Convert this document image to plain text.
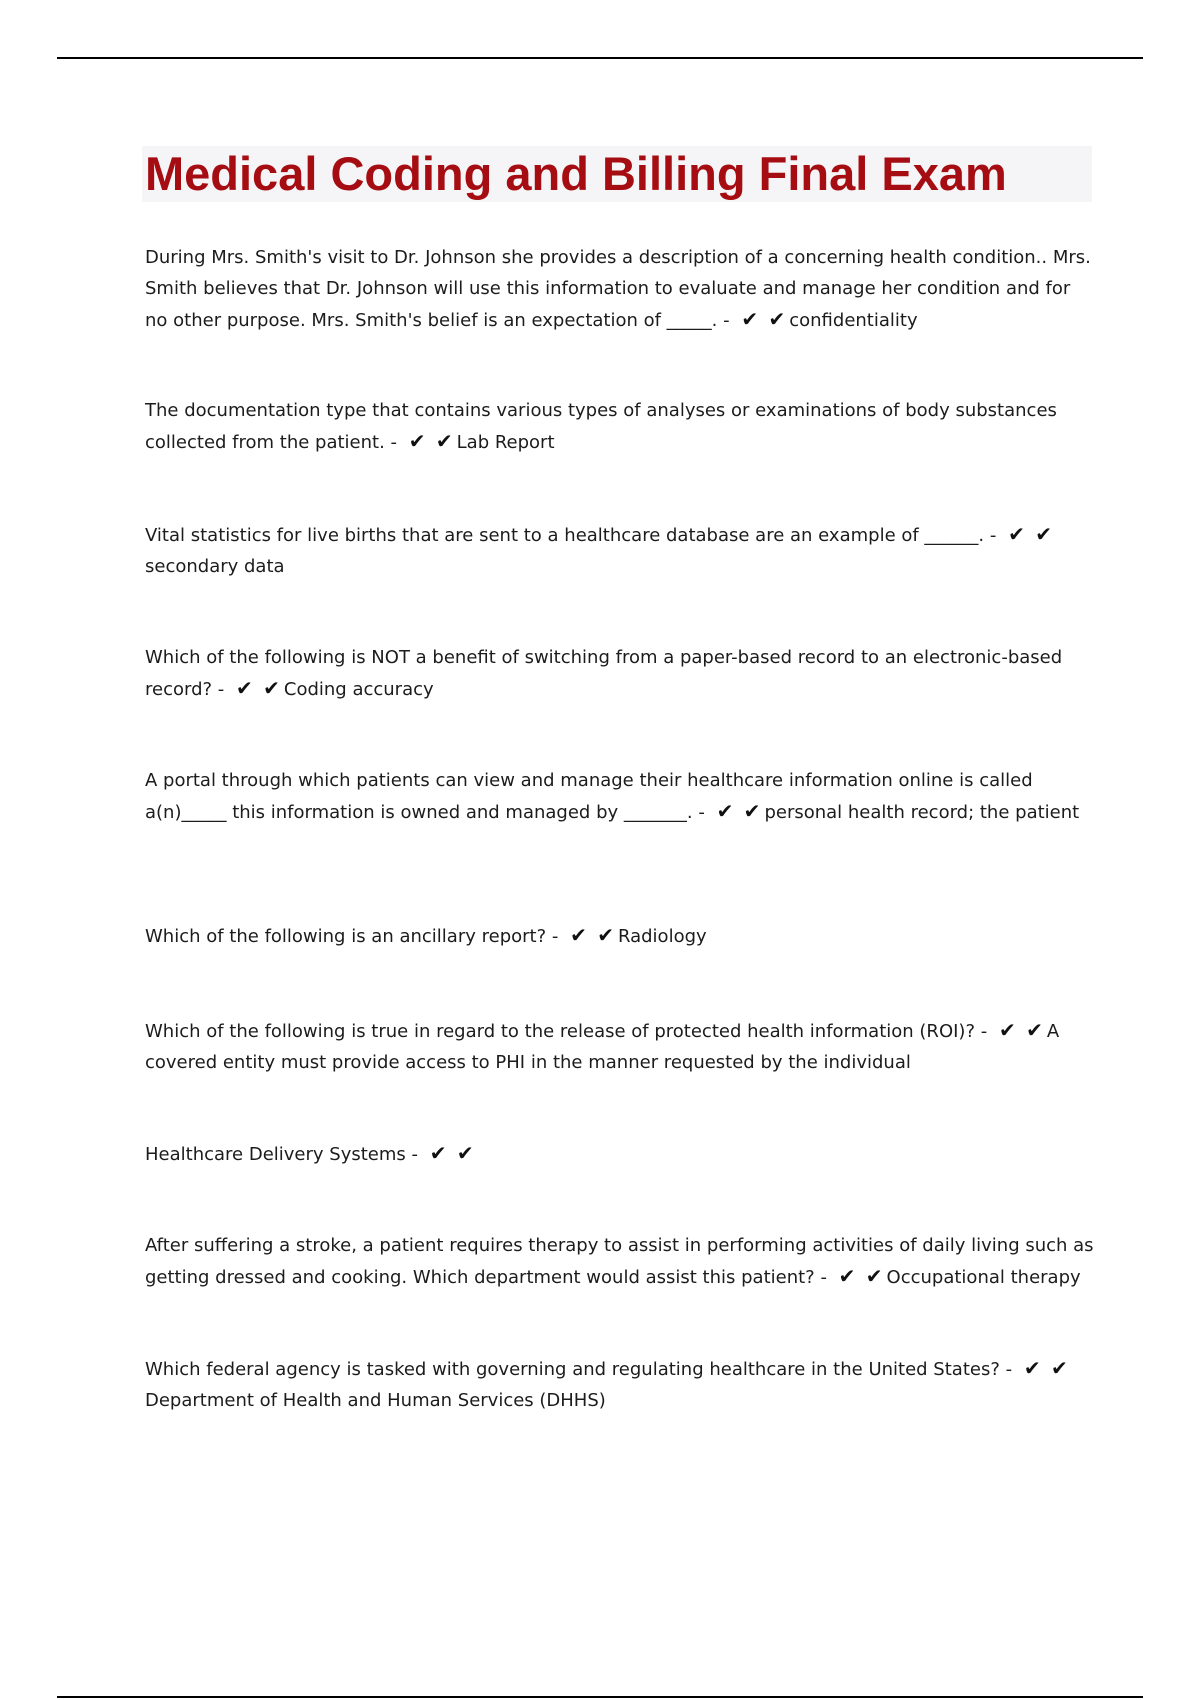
Medical Coding and Billing Final Exam

During Mrs. Smith's visit to Dr. Johnson she provides a description of a concerning health condition.. Mrs. Smith believes that Dr. Johnson will use this information to evaluate and manage her condition and for no other purpose. Mrs. Smith's belief is an expectation of _____. - ✔ ✔ confidentiality

The documentation type that contains various types of analyses or examinations of body substances collected from the patient. - ✔ ✔ Lab Report

Vital statistics for live births that are sent to a healthcare database are an example of ______. - ✔ ✔secondary data

Which of the following is NOT a benefit of switching from a paper-based record to an electronic-based record? - ✔ ✔ Coding accuracy

A portal through which patients can view and manage their healthcare information online is called a(n)_____ this information is owned and managed by _______. - ✔ ✔ personal health record; the patient

Which of the following is an ancillary report? - ✔ ✔ Radiology

Which of the following is true in regard to the release of protected health information (ROI)? - ✔ ✔ A covered entity must provide access to PHI in the manner requested by the individual

Healthcare Delivery Systems - ✔ ✔

After suffering a stroke, a patient requires therapy to assist in performing activities of daily living such as getting dressed and cooking. Which department would assist this patient? - ✔ ✔ Occupational therapy

Which federal agency is tasked with governing and regulating healthcare in the United States? - ✔ ✔Department of Health and Human Services (DHHS)
